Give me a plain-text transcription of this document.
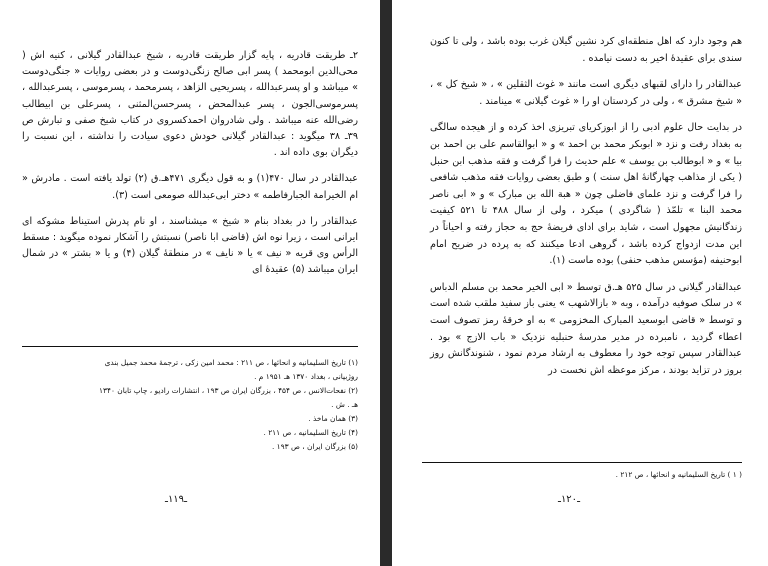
۲ـ طریقت قادریه ، پایه گزار طریقت قادریه ، شیخ عبدالقادر گیلانی ، کنیه اش ( محی‌الدین ابومحمد ) پسر ابی صالح زنگی‌دوست و در بعضی روایات « جنگی‌دوست » میباشد و او پسرعبدالله ، پسریحیی الزاهد ، پسرمحمد ، پسرموسی ، پسرعبدالله ، پسرموسی‌الجون ، پسر عبدالمحض ، پسرحسن‌المثنی ، پسرعلی بن ابیطالب رضی‌الله عنه میباشد . ولی شادروان احمدکسروی در کتاب شیخ صفی و تبارش ص ۳۹ـ ۳۸ میگوید : عبدالقادر گیلانی خودش دعوی سیادت را نداشته ، این نسبت را دیگران بوی داده اند .

عبدالقادر در سال ۴۷۰(۱) و به قول دیگری ۴۷۱هـ.ق (۲) تولد یافته است . مادرش « ام الخیر‌امة الجبار‌فاطمه » دختر ابی‌عبدالله صومعی است (۳).

عبدالقادر را در بغداد بنام « شیخ » میشناسند ، او نام پدرش استیناط مشوکه ای ایرانی است ، زیرا نوه اش (قاضی ابا ناصر) نسبتش را آشکار نموده میگوید : مسقط الرأس وی قریه « نیف » یا « نایف » در منطقهٔ گیلان (۴) و یا « بشتر » در شمال ایران میباشد (۵) عقیدهٔ ای

(۱) تاریخ السلیمانیه و انحائها ، ص ۲۱۱ : محمد امین زکی ، ترجمهٔ محمد جمیل بندی
روژبیانی ، بغداد ۱۳۷۰ هـ ۱۹۵۱ م .
(۲) نفحات‌الانس ، ص ۴۵۴ ، بزرگان ایران ص ۱۹۳ ، انتشارات رادیو ، چاپ تابان ۱۳۴۰
هـ . ش .
(۳) همان ماخذ .
(۴) تاریخ السلیمانیه ، ص ۲۱۱ .
(۵) بزرگان ایران ، ص ۱۹۳ .
ـ۱۱۹ـ

هم وجود دارد که اهل منطقه‌ای کرد نشین گیلان غرب بوده باشد ، ولی تا کنون سندی برای عقیدهٔ اخیر به دست نیامده .

عبدالقادر را دارای لقبهای دیگری است مانند « غوث الثقلین » ، « شیخ کل » ، « شیخ مشرق » ، ولی در کردستان او را « غوث گیلانی » مینامند .

در بدایت حال علوم ادبی را از ابوزکریای تبریزی اخذ کرده و از هیجده سالگی به بغداد رفت و نزد « ابوبکر محمد بن احمد » و « ابوالقاسم علی بن احمد بن بیا » و « ابوطالب بن یوسف » علم حدیث را فرا گرفت و فقه مذهب ابن حنبل ( یکی از مذاهب چهارگانهٔ اهل سنت ) و طبق بعضی روایات فقه مذهب شافعی را فرا گرفت و نزد علمای فاضلی چون « هبة الله بن مبارک » و « ابی ناصر محمد البنا » تلمّذ ( شاگردی ) میکرد ، ولی از سال ۴۸۸ تا ۵۲۱ کیفیت زندگانیش مجهول است ، شاید برای ادای فریضهٔ حج به حجاز رفته و احیاناً در این مدت ازدواج کرده باشد ، گروهی ادعا میکنند که به پرده در ضریح امام ابوحنیفه (مؤسس مذهب حنفی) بوده ماست (۱).

عبدالقادر گیلانی در سال ۵۲۵ هـ.ق توسط « ابی الخیر محمد بن مسلم الدباس » در سلک صوفیه درآمده ، وبه « بازالاشهب » یعنی باز سفید ملقب شده است و توسط « قاضی ابوسعید المبارک المخزومی » به او خرقهٔ رمز تصوف است اعطاء گردید ، نامبرده در مدیر مدرسهٔ حنبلیه نزدیک « باب الازج » بود . عبدالقادر سپس توجه خود را معطوف به ارشاد مردم نمود ، شنوندگانش روز بروز در تزاید بودند ، مرکز موعظه اش نخست در

( ۱ ) تاریخ السلیمانیه و انحائها ، ص ۲۱۲ .
ـ۱۲۰ـ
